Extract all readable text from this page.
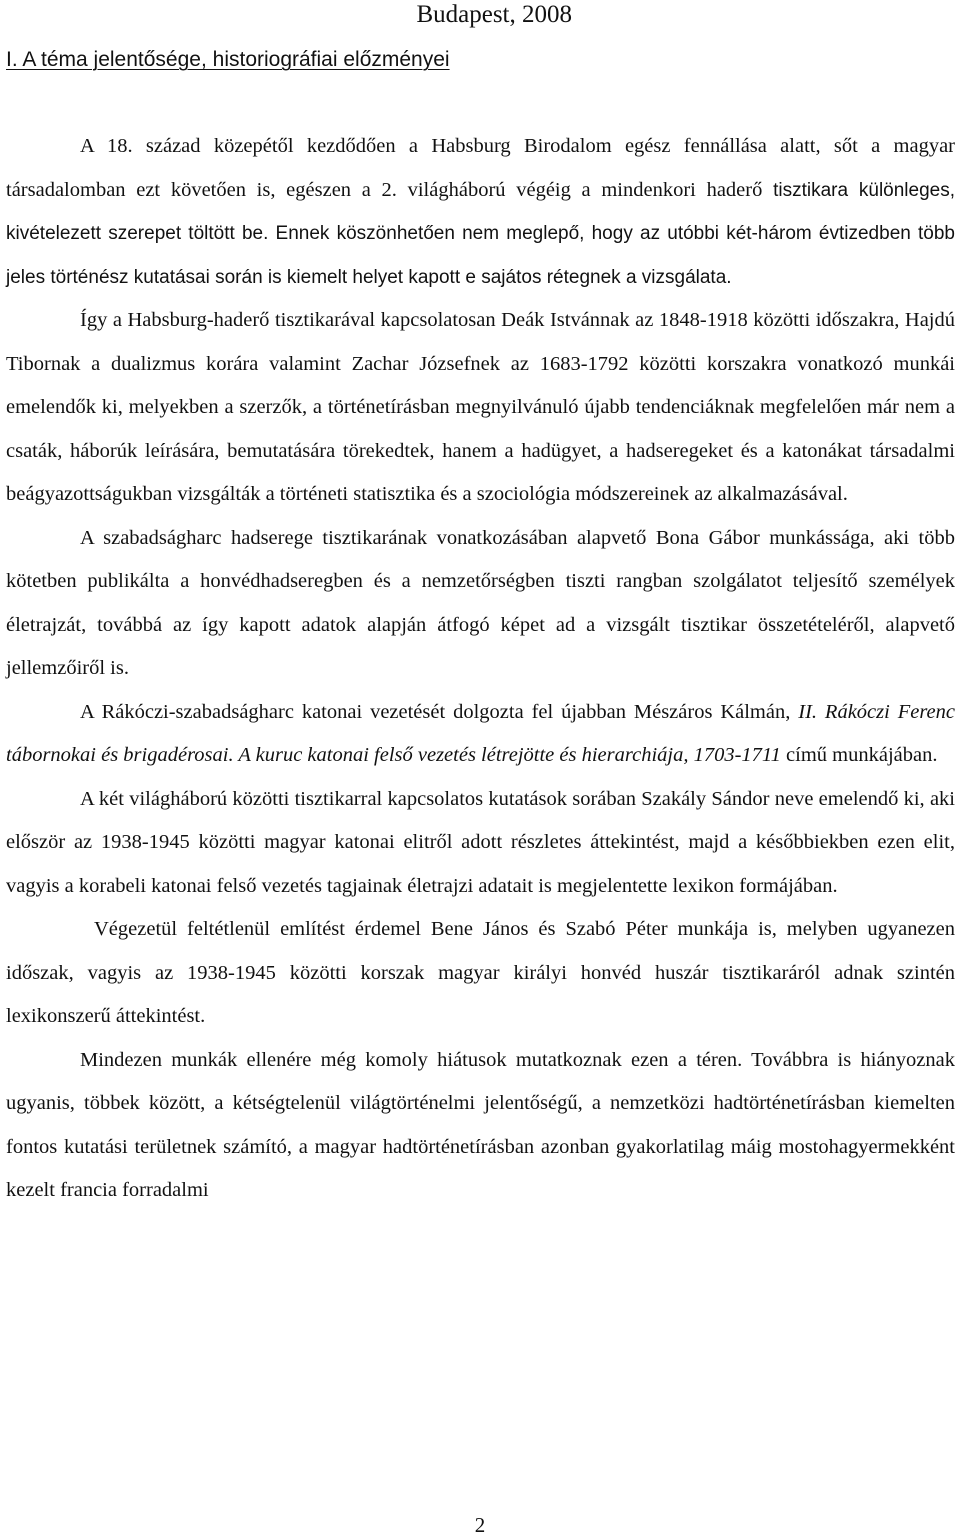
Budapest, 2008
I. A téma jelentősége, historiográfiai előzményei

A 18. század közepétől kezdődően a Habsburg Birodalom egész fennállása alatt, sőt a magyar társadalomban ezt követően is, egészen a 2. világháború végéig a mindenkori haderő tisztikara különleges, kivételezett szerepet töltött be. Ennek köszönhetően nem meglepő, hogy az utóbbi két-három évtizedben több jeles történész kutatásai során is kiemelt helyet kapott e sajátos rétegnek a vizsgálata.

Így a Habsburg-haderő tisztikarával kapcsolatosan Deák Istvánnak az 1848-1918 közötti időszakra, Hajdú Tibornak a dualizmus korára valamint Zachar Józsefnek az 1683-1792 közötti korszakra vonatkozó munkái emelendők ki, melyekben a szerzők, a történetírásban megnyilvánuló újabb tendenciáknak megfelelően már nem a csaták, háborúk leírására, bemutatására törekedtek, hanem a hadügyet, a hadseregeket és a katonákat társadalmi beágyazottságukban vizsgálták a történeti statisztika és a szociológia módszereinek az alkalmazásával.

A szabadságharc hadserege tisztikarának vonatkozásában alapvető Bona Gábor munkássága, aki több kötetben publikálta a honvédhadseregben és a nemzetőrségben tiszti rangban szolgálatot teljesítő személyek életrajzát, továbbá az így kapott adatok alapján átfogó képet ad a vizsgált tisztikar összetételéről, alapvető jellemzőiről is.

A Rákóczi-szabadságharc katonai vezetését dolgozta fel újabban Mészáros Kálmán, II. Rákóczi Ferenc tábornokai és brigadérosai. A kuruc katonai felső vezetés létrejötte és hierarchiája, 1703-1711 című munkájában.

A két világháború közötti tisztikarral kapcsolatos kutatások sorában Szakály Sándor neve emelendő ki, aki először az 1938-1945 közötti magyar katonai elitről adott részletes áttekintést, majd a későbbiekben ezen elit, vagyis a korabeli katonai felső vezetés tagjainak életrajzi adatait is megjelentette lexikon formájában.

Végezetül feltétlenül említést érdemel Bene János és Szabó Péter munkája is, melyben ugyanezen időszak, vagyis az 1938-1945 közötti korszak magyar királyi honvéd huszár tisztikaráról adnak szintén lexikonszerű áttekintést.

Mindezen munkák ellenére még komoly hiátusok mutatkoznak ezen a téren. Továbbra is hiányoznak ugyanis, többek között, a kétségtelenül világtörténelmi jelentőségű, a nemzetközi hadtörténetírásban kiemelten fontos kutatási területnek számító, a magyar hadtörténetírásban azonban gyakorlatilag máig mostohagyermekként kezelt francia forradalmi

2
